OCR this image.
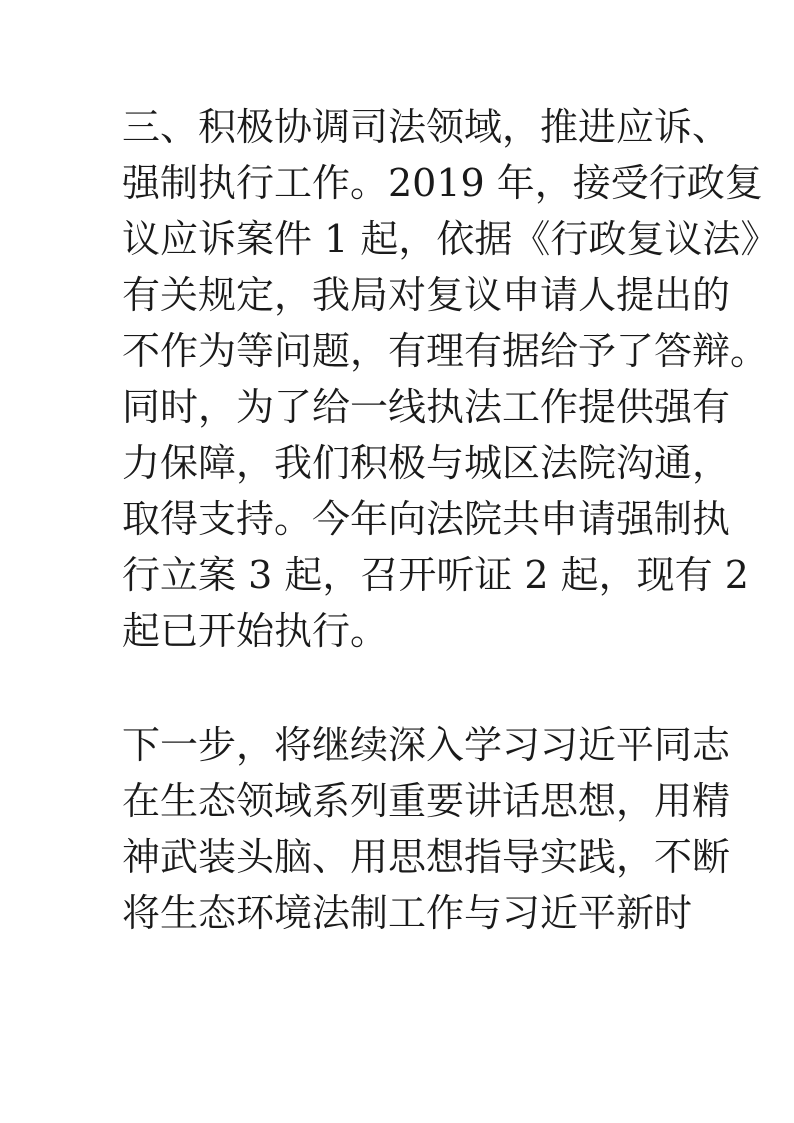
三、积极协调司法领域，推进应诉、
强制执行工作。2019 年，接受行政复
议应诉案件 1 起，依据《行政复议法》
有关规定，我局对复议申请人提出的
不作为等问题，有理有据给予了答辩。
同时，为了给一线执法工作提供强有
力保障，我们积极与城区法院沟通，
取得支持。今年向法院共申请强制执
行立案 3 起，召开听证 2 起，现有 2
起已开始执行。
下一步，将继续深入学习习近平同志
在生态领域系列重要讲话思想，用精
神武装头脑、用思想指导实践，不断
将生态环境法制工作与习近平新时
